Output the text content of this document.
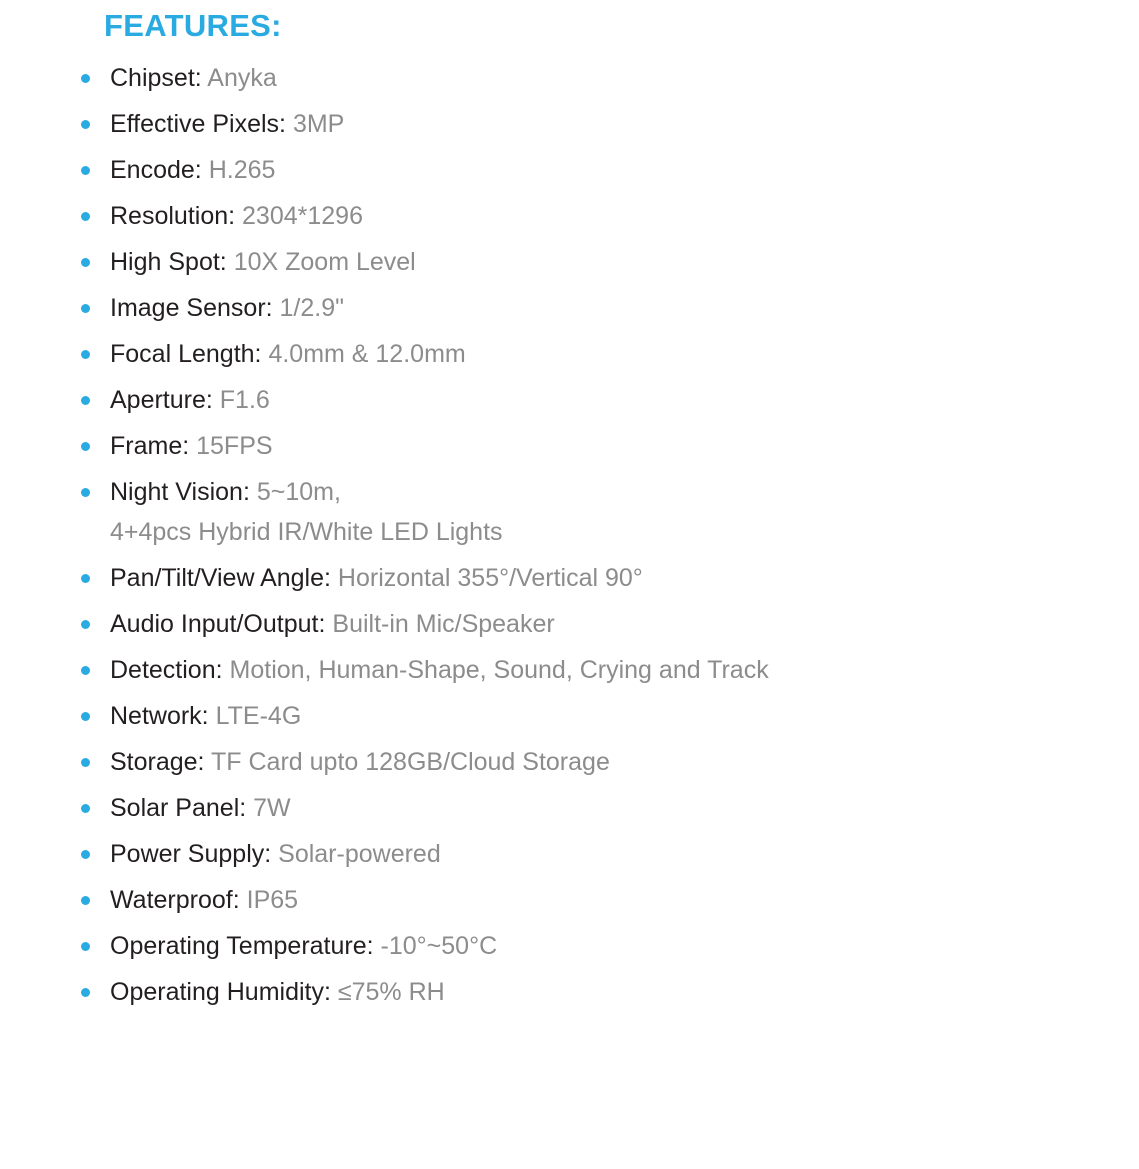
FEATURES:
Chipset: Anyka
Effective Pixels: 3MP
Encode: H.265
Resolution: 2304*1296
High Spot: 10X Zoom Level
Image Sensor: 1/2.9"
Focal Length: 4.0mm & 12.0mm
Aperture: F1.6
Frame: 15FPS
Night Vision: 5~10m,
4+4pcs Hybrid IR/White LED Lights
Pan/Tilt/View Angle: Horizontal 355°/Vertical 90°
Audio Input/Output: Built-in Mic/Speaker
Detection: Motion, Human-Shape, Sound, Crying and Track
Network: LTE-4G
Storage: TF Card upto 128GB/Cloud Storage
Solar Panel: 7W
Power Supply: Solar-powered
Waterproof: IP65
Operating Temperature: -10°~50°C
Operating Humidity: ≤75% RH
